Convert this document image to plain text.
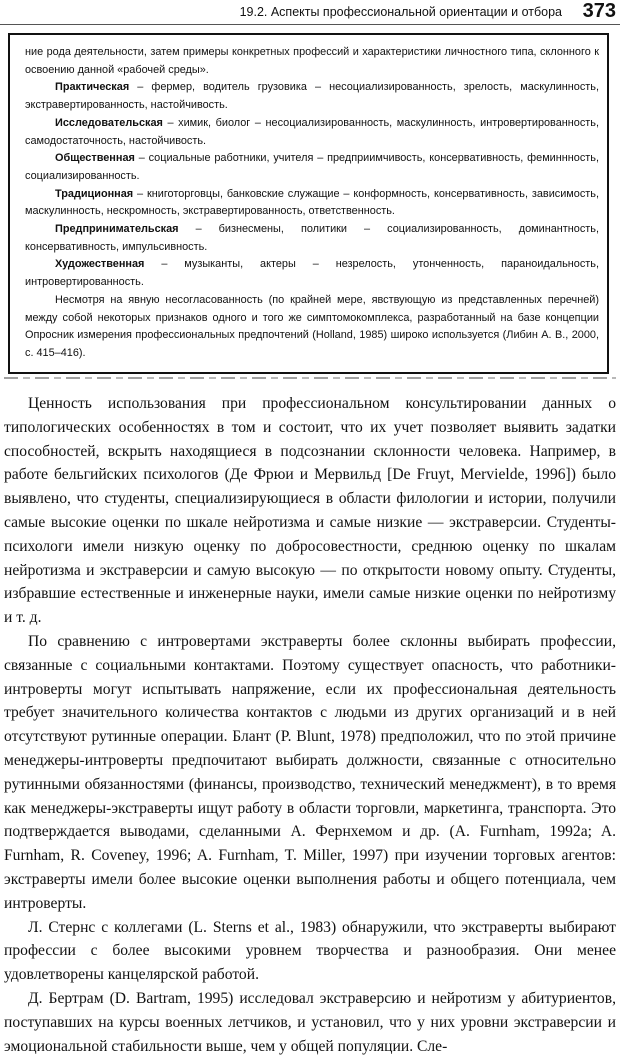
19.2. Аспекты профессиональной ориентации и отбора 373

ние рода деятельности, затем примеры конкретных профессий и характеристики личностного типа, склонного к освоению данной «рабочей среды».

Практическая – фермер, водитель грузовика – несоциализированность, зрелость, маскулинность, экстравертированность, настойчивость.

Исследовательская – химик, биолог – несоциализированность, маскулинность, интровертированность, самодостаточность, настойчивость.

Общественная – социальные работники, учителя – предприимчивость, консервативность, феминнность, социализированность.

Традиционная – книготорговцы, банковские служащие – конформность, консервативность, зависимость, маскулинность, нескромность, экстравертированность, ответственность.

Предпринимательская – бизнесмены, политики – социализированность, доминантность, консервативность, импульсивность.

Художественная – музыканты, актеры – незрелость, утонченность, параноидальность, интровертированность.

Несмотря на явную несогласованность (по крайней мере, явствующую из представленных перечней) между собой некоторых признаков одного и того же симптомокомплекса, разработанный на базе концепции Опросник измерения профессиональных предпочтений (Holland, 1985) широко используется (Либин А. В., 2000, с. 415–416).

Ценность использования при профессиональном консультировании данных о типологических особенностях в том и состоит, что их учет позволяет выявить задатки способностей, вскрыть находящиеся в подсознании склонности человека. Например, в работе бельгийских психологов (Де Фрюи и Мервильд [De Fruyt, Mervielde, 1996]) было выявлено, что студенты, специализирующиеся в области филологии и истории, получили самые высокие оценки по шкале нейротизма и самые низкие — экстраверсии. Студенты-психологи имели низкую оценку по добросовестности, среднюю оценку по шкалам нейротизма и экстраверсии и самую высокую — по открытости новому опыту. Студенты, избравшие естественные и инженерные науки, имели самые низкие оценки по нейротизму и т. д.

По сравнению с интровертами экстраверты более склонны выбирать профессии, связанные с социальными контактами. Поэтому существует опасность, что работники-интроверты могут испытывать напряжение, если их профессиональная деятельность требует значительного количества контактов с людьми из других организаций и в ней отсутствуют рутинные операции. Блант (P. Blunt, 1978) предположил, что по этой причине менеджеры-интроверты предпочитают выбирать должности, связанные с относительно рутинными обязанностями (финансы, производство, технический менеджмент), в то время как менеджеры-экстраверты ищут работу в области торговли, маркетинга, транспорта. Это подтверждается выводами, сделанными А. Фернхемом и др. (A. Furnham, 1992a; A. Furnham, R. Coveney, 1996; A. Furnham, T. Miller, 1997) при изучении торговых агентов: экстраверты имели более высокие оценки выполнения работы и общего потенциала, чем интроверты.

Л. Стернс с коллегами (L. Sterns et al., 1983) обнаружили, что экстраверты выбирают профессии с более высокими уровнем творчества и разнообразия. Они менее удовлетворены канцелярской работой.

Д. Бертрам (D. Bartram, 1995) исследовал экстраверсию и нейротизм у абитуриентов, поступавших на курсы военных летчиков, и установил, что у них уровни экстраверсии и эмоциональной стабильности выше, чем у общей популяции. Сле-
